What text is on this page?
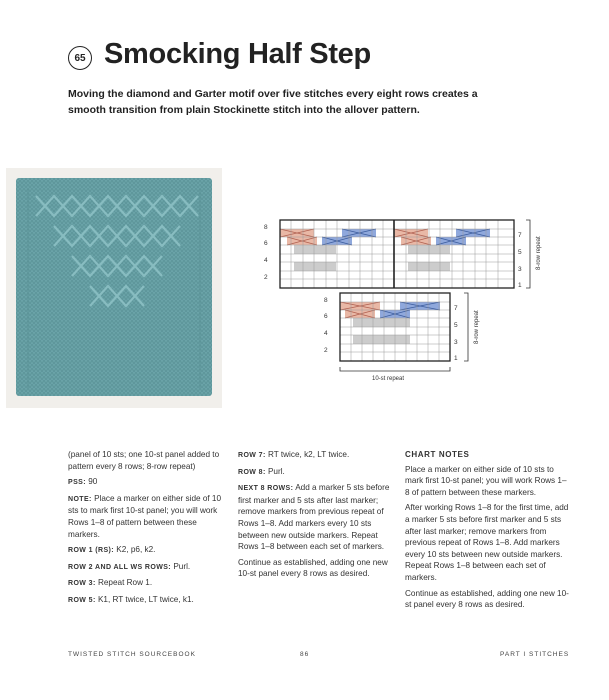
65 Smocking Half Step
Moving the diamond and Garter motif over five stitches every eight rows creates a smooth transition from plain Stockinette stitch into the allover pattern.
8
6
4
2
7
5
3
1
8-row repeat
8
6
4
2
7
5
3
1
8-row repeat
10-st repeat

(panel of 10 sts; one 10-st panel added to pattern every 8 rows; 8-row repeat)

PSS: 90

NOTE: Place a marker on either side of 10 sts to mark first 10-st panel; you will work Rows 1–8 of pattern between these markers.

ROW 1 (RS): K2, p6, k2.

ROW 2 AND ALL WS ROWS: Purl.

ROW 3: Repeat Row 1.

ROW 5: K1, RT twice, LT twice, k1.

ROW 7: RT twice, k2, LT twice.

ROW 8: Purl.

NEXT 8 ROWS: Add a marker 5 sts before first marker and 5 sts after last marker; remove markers from previous repeat of Rows 1–8. Add markers every 10 sts between new outside markers. Repeat Rows 1–8 between each set of markers.

Continue as established, adding one new 10-st panel every 8 rows as desired.

CHART NOTES

Place a marker on either side of 10 sts to mark first 10-st panel; you will work Rows 1–8 of pattern between these markers.

After working Rows 1–8 for the first time, add a marker 5 sts before first marker and 5 sts after last marker; remove markers from previous repeat of Rows 1–8. Add markers every 10 sts between new outside markers. Repeat Rows 1–8 between each set of markers.

Continue as established, adding one new 10-st panel every 8 rows as desired.

TWISTED STITCH SOURCEBOOK	86	PART I STITCHES
